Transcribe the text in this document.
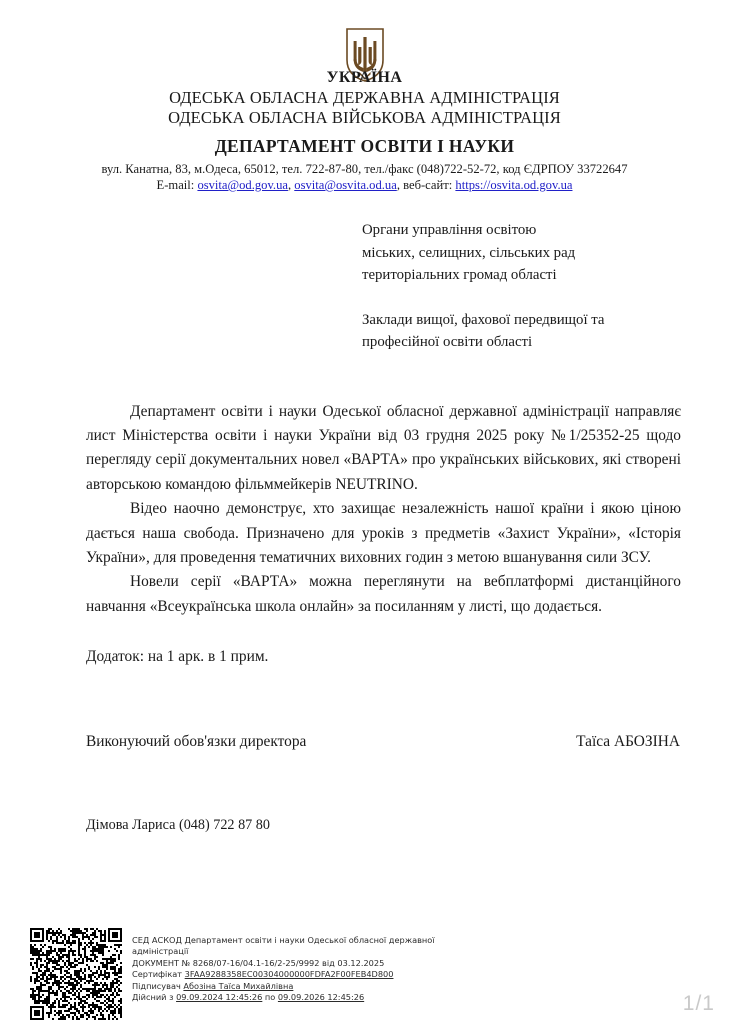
УКРАЇНА
ОДЕСЬКА ОБЛАСНА ДЕРЖАВНА АДМІНІСТРАЦІЯ
ОДЕСЬКА ОБЛАСНА ВІЙСЬКОВА АДМІНІСТРАЦІЯ
ДЕПАРТАМЕНТ ОСВІТИ І НАУКИ
вул. Канатна, 83, м.Одеса, 65012, тел. 722-87-80, тел./факс (048)722-52-72, код ЄДРПОУ 33722647
E-mail: osvita@od.gov.ua, osvita@osvita.od.ua, веб-сайт: https://osvita.od.gov.ua
Органи управління освітою
міських, селищних, сільських рад
територіальних громад області
Заклади вищої, фахової передвищої та
професійної освіти області

Департамент освіти і науки Одеської обласної державної адміністрації направляє лист Міністерства освіти і науки України від 03 грудня 2025 року №1/25352-25 щодо перегляду серії документальних новел «ВАРТА» про українських військових, які створені авторською командою фільммейкерів NEUTRINO.

Відео наочно демонструє, хто захищає незалежність нашої країни і якою ціною дається наша свобода. Призначено для уроків з предметів «Захист України», «Історія України», для проведення тематичних виховних годин з метою вшанування сили ЗСУ.

Новели серії «ВАРТА» можна переглянути на вебплатформі дистанційного навчання «Всеукраїнська школа онлайн» за посиланням у листі, що додається.

Додаток: на 1 арк. в 1 прим.
Виконуючий обов'язки директора	Таїса АБОЗІНА
Дімова Лариса (048) 722 87 80
СЕД АСКОД Департамент освіти і науки Одеської обласної державної
адміністрації
ДОКУМЕНТ № 8268/07-16/04.1-16/2-25/9992 від 03.12.2025
Сертифікат 3FAA9288358EC00304000000FDFA2F00FEB4D800
Підписувач Абозіна Таїса Михайлівна
Дійсний з 09.09.2024 12:45:26 по 09.09.2026 12:45:26	1/1
